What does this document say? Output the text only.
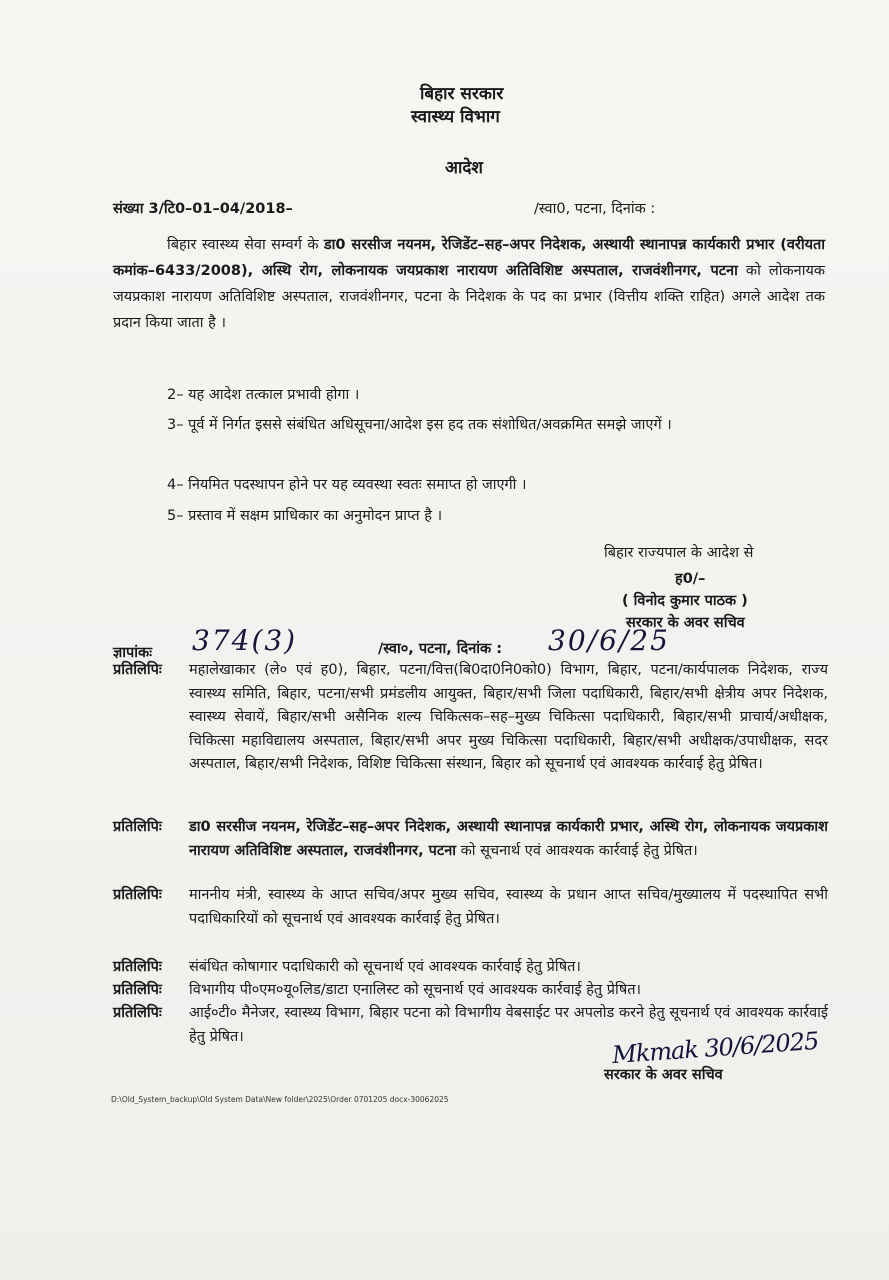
बिहार सरकार
स्वास्थ्य विभाग
आदेश
संख्या 3/टि0–01–04/2018–	/स्वा0, पटना, दिनांक :
बिहार स्वास्थ्य सेवा सम्वर्ग के डा0 सरसीज नयनम, रेजिडेंट–सह–अपर निदेशक, अस्थायी स्थानापन्न कार्यकारी प्रभार (वरीयता कमांक–6433/2008), अस्थि रोग, लोकनायक जयप्रकाश नारायण अतिविशिष्ट अस्पताल, राजवंशीनगर, पटना को लोकनायक जयप्रकाश नारायण अतिविशिष्ट अस्पताल, राजवंशीनगर, पटना के निदेशक के पद का प्रभार (वित्तीय शक्ति राहित) अगले आदेश तक प्रदान किया जाता है ।
2– यह आदेश तत्काल प्रभावी होगा ।
3– पूर्व में निर्गत इससे संबंधित अधिसूचना/आदेश इस हद तक संशोधित/अवक्रमित समझे जाएगें ।
4– नियमित पदस्थापन होने पर यह व्यवस्था स्वतः समाप्त हो जाएगी ।
5– प्रस्ताव में सक्षम प्राधिकार का अनुमोदन प्राप्त है ।
बिहार राज्यपाल के आदेश से
ह0/–
( विनोद कुमार पाठक )
सरकार के अवर सचिव
ज्ञापांकः 374(3)	/स्वा०, पटना, दिनांक : 30/6/25
प्रतिलिपिः महालेखाकार (ले० एवं ह0), बिहार, पटना/वित्त(बि0दा0नि0को0) विभाग, बिहार, पटना/कार्यपालक निदेशक, राज्य स्वास्थ्य समिति, बिहार, पटना/सभी प्रमंडलीय आयुक्त, बिहार/सभी जिला पदाधिकारी, बिहार/सभी क्षेत्रीय अपर निदेशक, स्वास्थ्य सेवायें, बिहार/सभी असैनिक शल्य चिकित्सक–सह–मुख्य चिकित्सा पदाधिकारी, बिहार/सभी प्राचार्य/अधीक्षक, चिकित्सा महाविद्यालय अस्पताल, बिहार/सभी अपर मुख्य चिकित्सा पदाधिकारी, बिहार/सभी अधीक्षक/उपाधीक्षक, सदर अस्पताल, बिहार/सभी निदेशक, विशिष्ट चिकित्सा संस्थान, बिहार को सूचनार्थ एवं आवश्यक कार्रवाई हेतु प्रेषित।
प्रतिलिपिः डा0 सरसीज नयनम, रेजिडेंट–सह–अपर निदेशक, अस्थायी स्थानापन्न कार्यकारी प्रभार, अस्थि रोग, लोकनायक जयप्रकाश नारायण अतिविशिष्ट अस्पताल, राजवंशीनगर, पटना को सूचनार्थ एवं आवश्यक कार्रवाई हेतु प्रेषित।
प्रतिलिपिः माननीय मंत्री, स्वास्थ्य के आप्त सचिव/अपर मुख्य सचिव, स्वास्थ्य के प्रधान आप्त सचिव/मुख्यालय में पदस्थापित सभी पदाधिकारियों को सूचनार्थ एवं आवश्यक कार्रवाई हेतु प्रेषित।
प्रतिलिपिः संबंधित कोषागार पदाधिकारी को सूचनार्थ एवं आवश्यक कार्रवाई हेतु प्रेषित।
प्रतिलिपिः विभागीय पी०एम०यू०लिड/डाटा एनालिस्ट को सूचनार्थ एवं आवश्यक कार्रवाई हेतु प्रेषित।
प्रतिलिपिः आई०टी० मैनेजर, स्वास्थ्य विभाग, बिहार पटना को विभागीय वेबसाईट पर अपलोड करने हेतु सूचनार्थ एवं आवश्यक कार्रवाई हेतु प्रेषित।	Mkmak 30/6/2025
सरकार के अवर सचिव
D:\Old_System_backup\Old System Data\New folder\2025\Order 0701205 docx-30062025
